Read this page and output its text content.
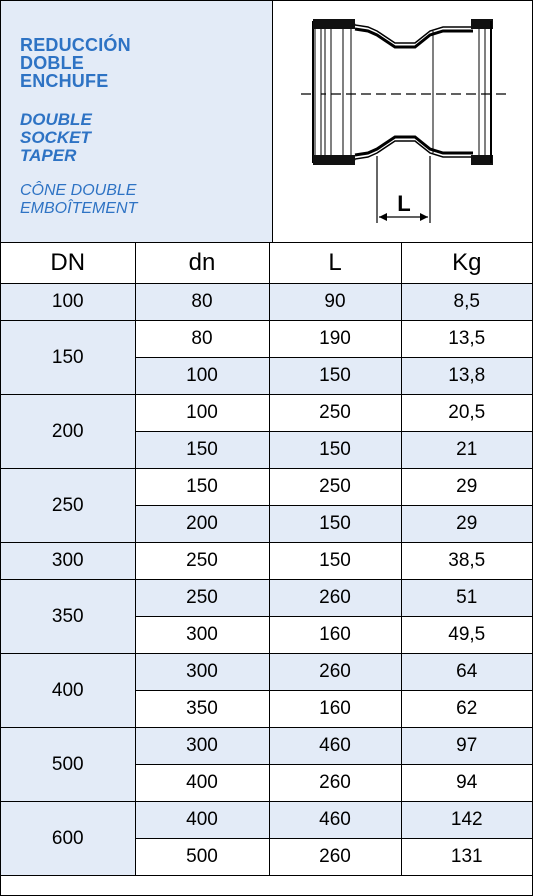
REDUCCIÓN
DOBLE
ENCHUFE
DOUBLE
SOCKET
TAPER
CÔNE DOUBLE
EMBOÎTEMENT	L
DN	dn	L	Kg
100	80	90	8,5
150	80	190	13,5
	100	150	13,8
200	100	250	20,5
	150	150	21
250	150	250	29
	200	150	29
300	250	150	38,5
350	250	260	51
	300	160	49,5
400	300	260	64
	350	160	62
500	300	460	97
	400	260	94
600	400	460	142
	500	260	131
